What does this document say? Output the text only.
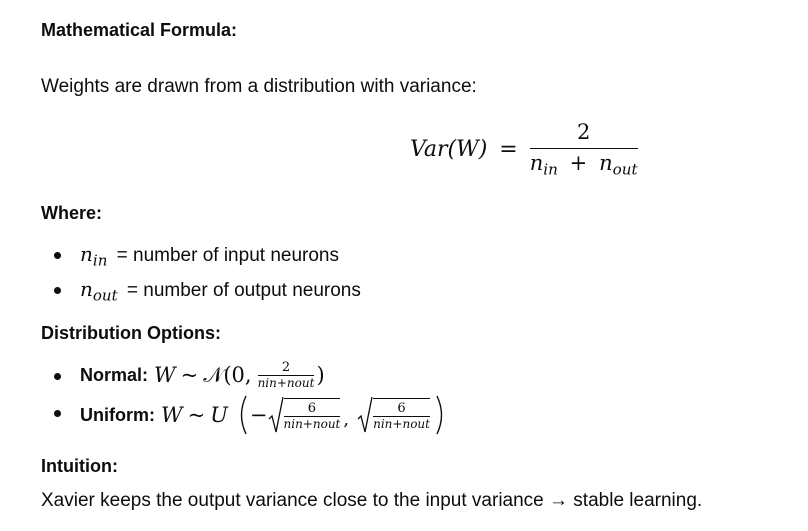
Mathematical Formula:
Weights are drawn from a distribution with variance:
$Var(W) = \frac{2}{n_{in} + n_{out}}$
Where:
$n_{in}$ = number of input neurons
$n_{out}$ = number of output neurons
Distribution Options:
Normal: W ~ 𝒩 (0, $\frac{2}{\text{nin+nout}}$ )
Uniform: W ~ $U - \frac{6}{\text{nin+nout}}$ , $\frac{6}{\text{nin+nout}}$
Intuition:
Xavier keeps the output variance close to the input variance → stable learning.
